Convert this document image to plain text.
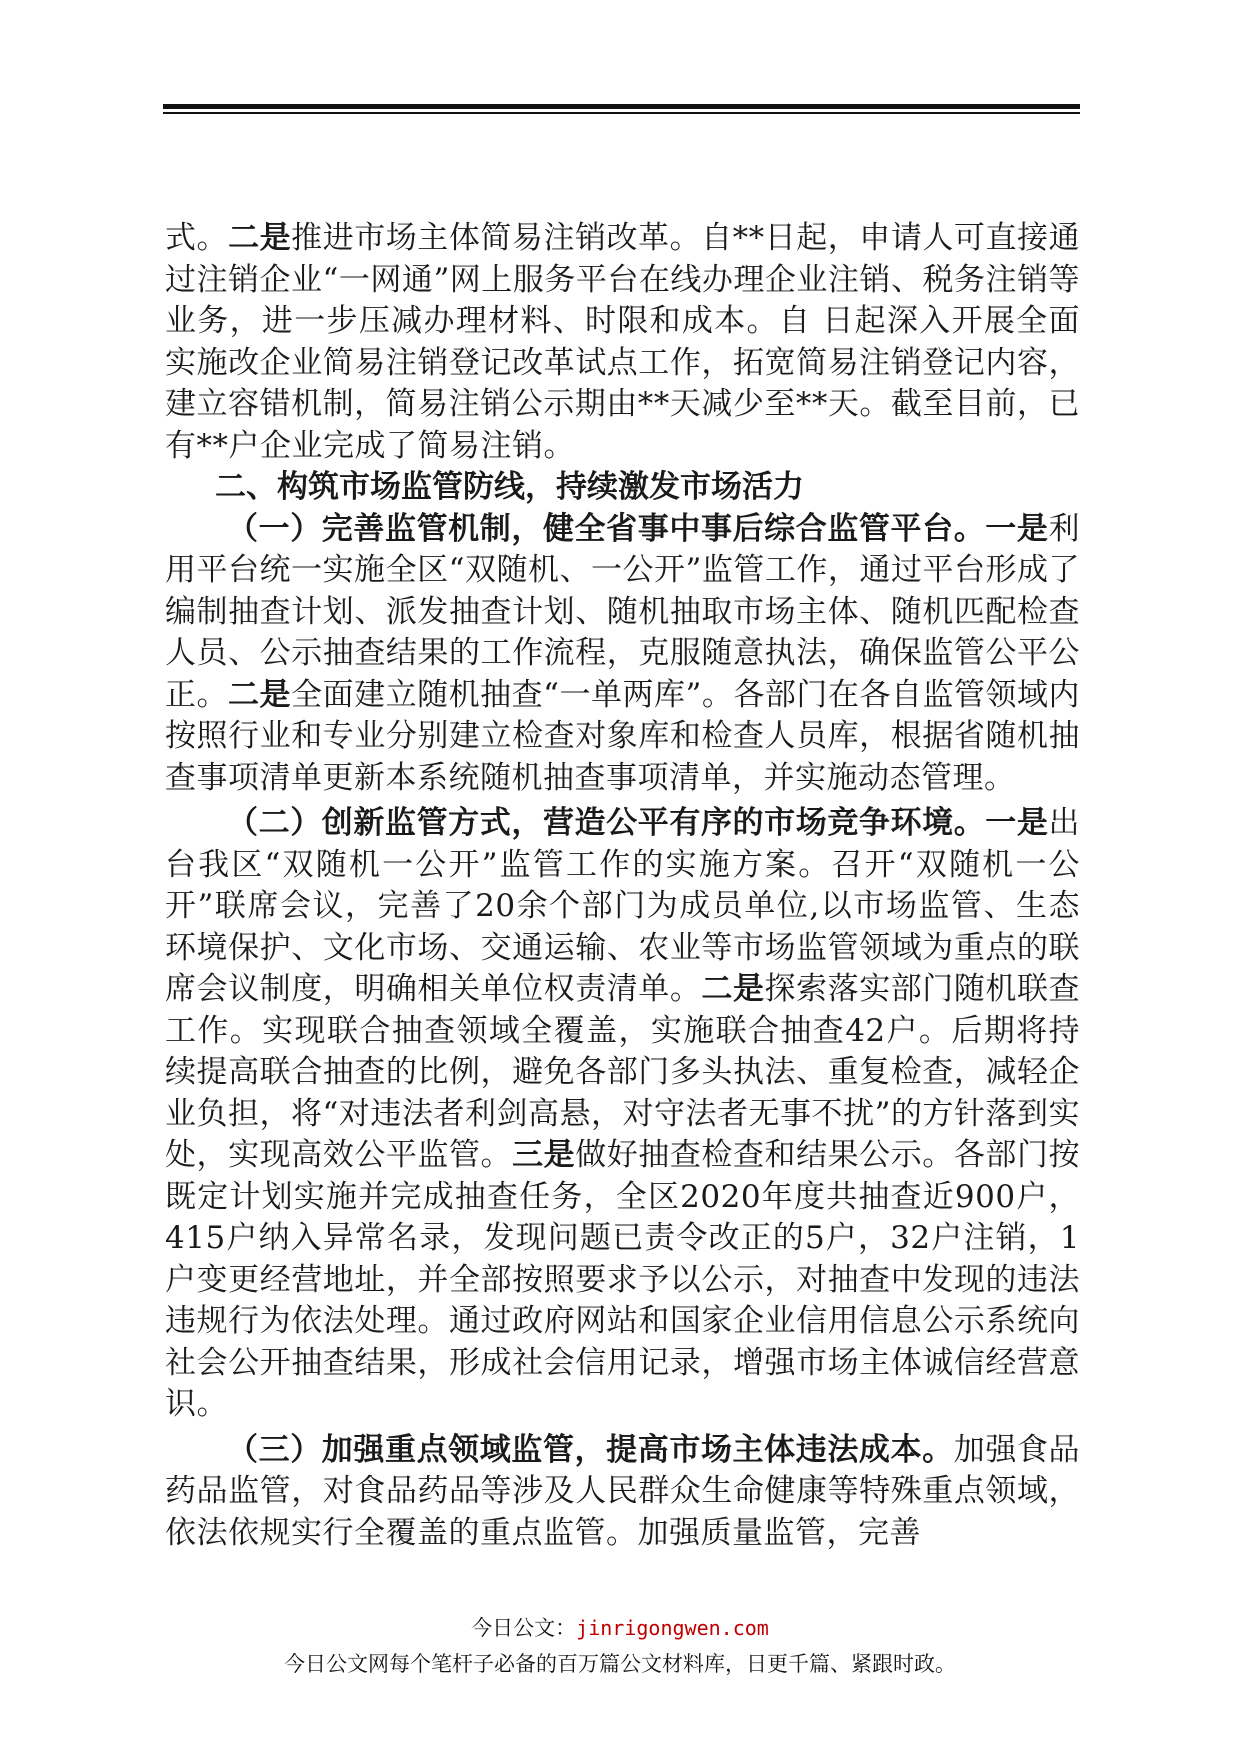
式。二是推进市场主体简易注销改革。自**日起，申请人可直接通过注销企业“一网通”网上服务平台在线办理企业注销、税务注销等业务，进一步压减办理材料、时限和成本。自 日起深入开展全面实施改企业简易注销登记改革试点工作，拓宽简易注销登记内容，建立容错机制，简易注销公示期由**天减少至**天。截至目前，已有**户企业完成了简易注销。

二、构筑市场监管防线，持续激发市场活力

（一）完善监管机制，健全省事中事后综合监管平台。一是利用平台统一实施全区“双随机、一公开”监管工作，通过平台形成了编制抽查计划、派发抽查计划、随机抽取市场主体、随机匹配检查人员、公示抽查结果的工作流程，克服随意执法，确保监管公平公正。二是全面建立随机抽查“一单两库”。各部门在各自监管领域内按照行业和专业分别建立检查对象库和检查人员库，根据省随机抽查事项清单更新本系统随机抽查事项清单，并实施动态管理。

（二）创新监管方式，营造公平有序的市场竞争环境。一是出台我区“双随机一公开”监管工作的实施方案。召开“双随机一公开”联席会议，完善了20余个部门为成员单位,以市场监管、生态环境保护、文化市场、交通运输、农业等市场监管领域为重点的联席会议制度，明确相关单位权责清单。二是探索落实部门随机联查工作。实现联合抽查领域全覆盖，实施联合抽查42户。后期将持续提高联合抽查的比例，避免各部门多头执法、重复检查，减轻企业负担，将“对违法者利剑高悬，对守法者无事不扰”的方针落到实处，实现高效公平监管。三是做好抽查检查和结果公示。各部门按既定计划实施并完成抽查任务，全区2020年度共抽查近900户，415户纳入异常名录，发现问题已责令改正的5户，32户注销，1户变更经营地址，并全部按照要求予以公示，对抽查中发现的违法违规行为依法处理。通过政府网站和国家企业信用信息公示系统向社会公开抽查结果，形成社会信用记录，增强市场主体诚信经营意识。

（三）加强重点领域监管，提高市场主体违法成本。加强食品药品监管，对食品药品等涉及人民群众生命健康等特殊重点领域，依法依规实行全覆盖的重点监管。加强质量监管，完善

今日公文：jinrigongwen.com
今日公文网每个笔杆子必备的百万篇公文材料库，日更千篇、紧跟时政。
